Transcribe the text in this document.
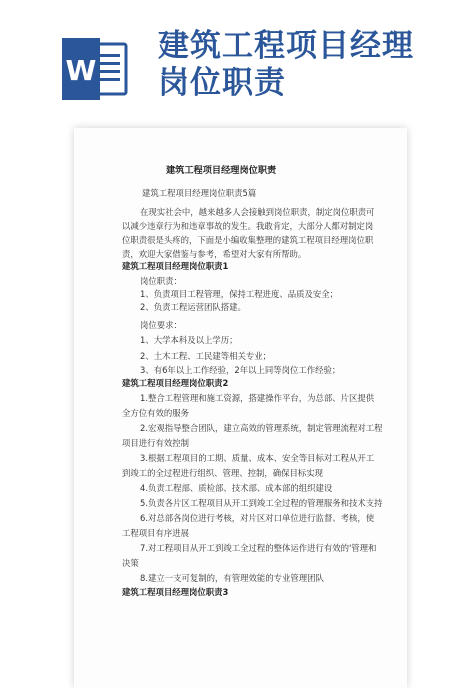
W
建筑工程项目经理
岗位职责
建筑工程项目经理岗位职责
建筑工程项目经理岗位职责5篇
在现实社会中，越来越多人会接触到岗位职责，制定岗位职责可
以减少违章行为和违章事故的发生。我敢肯定，大部分人都对制定岗
位职责很是头疼的，下面是小编收集整理的建筑工程项目经理岗位职
责，欢迎大家借鉴与参考，希望对大家有所帮助。
建筑工程项目经理岗位职责1
岗位职责：
1、负责项目工程管理，保持工程进度、品质及安全；
2、负责工程运营团队搭建。
岗位要求：
1、大学本科及以上学历；
2、土木工程、工民建等相关专业；
3、有6年以上工作经验，2年以上同等岗位工作经验；
建筑工程项目经理岗位职责2
1.整合工程管理和施工资源，搭建操作平台，为总部、片区提供
全方位有效的服务
2.宏观指导整合团队，建立高效的管理系统，制定管理流程对工程
项目进行有效控制
3.根据工程项目的工期、质量、成本、安全等目标对工程从开工
到竣工的全过程进行组织、管理、控制，确保目标实现
4.负责工程部、质检部、技术部、成本部的组织建设
5.负责各片区工程项目从开工到竣工全过程的管理服务和技术支持
6.对总部各岗位进行考核，对片区对口单位进行监督、考核，使
工程项目有序进展
7.对工程项目从开工到竣工全过程的整体运作进行有效的'管理和
决策
8.建立一支可复制的，有管理效能的专业管理团队
建筑工程项目经理岗位职责3
